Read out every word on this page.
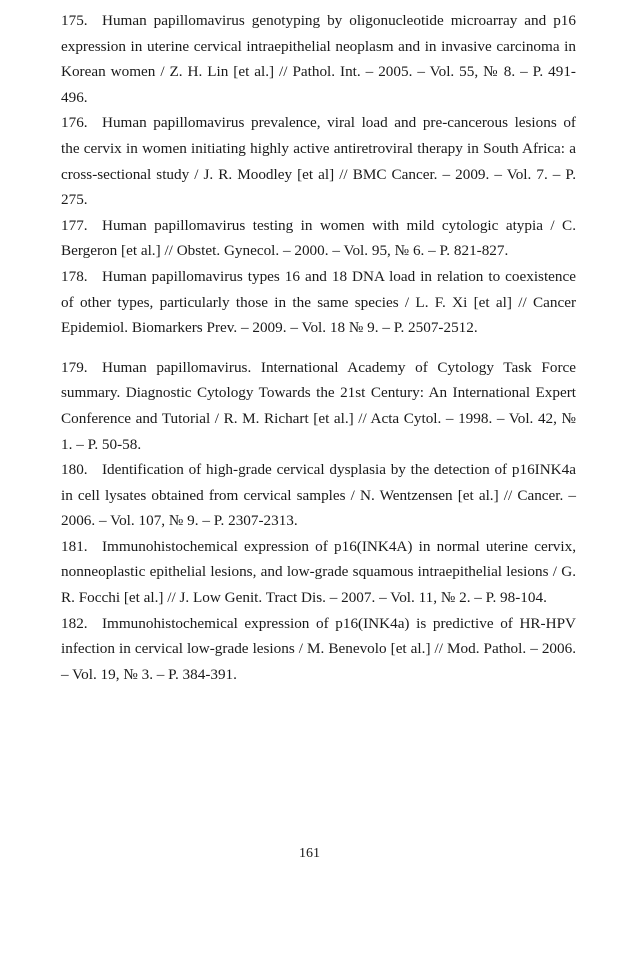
175. Human papillomavirus genotyping by oligonucleotide microarray and p16 expression in uterine cervical intraepithelial neoplasm and in invasive carcinoma in Korean women / Z. H. Lin [et al.] // Pathol. Int. – 2005. – Vol. 55, № 8. – P. 491-496.

176. Human papillomavirus prevalence, viral load and pre-cancerous lesions of the cervix in women initiating highly active antiretroviral therapy in South Africa: a cross-sectional study / J. R. Moodley [et al] // BMC Cancer. – 2009. – Vol. 7. – P. 275.

177. Human papillomavirus testing in women with mild cytologic atypia / C. Bergeron [et al.] // Obstet. Gynecol. – 2000. – Vol. 95, № 6. – P. 821-827.

178. Human papillomavirus types 16 and 18 DNA load in relation to coexistence of other types, particularly those in the same species / L. F. Xi [et al] // Cancer Epidemiol. Biomarkers Prev. – 2009. – Vol. 18 № 9. – P. 2507-2512.

179. Human papillomavirus. International Academy of Cytology Task Force summary. Diagnostic Cytology Towards the 21st Century: An International Expert Conference and Tutorial / R. M. Richart [et al.] // Acta Cytol. – 1998. – Vol. 42, № 1. – P. 50-58.

180. Identification of high-grade cervical dysplasia by the detection of p16INK4a in cell lysates obtained from cervical samples / N. Wentzensen [et al.] // Cancer. – 2006. – Vol. 107, № 9. – P. 2307-2313.

181. Immunohistochemical expression of p16(INK4A) in normal uterine cervix, nonneoplastic epithelial lesions, and low-grade squamous intraepithelial lesions / G. R. Focchi [et al.] // J. Low Genit. Tract Dis. – 2007. – Vol. 11, № 2. – P. 98-104.

182. Immunohistochemical expression of p16(INK4a) is predictive of HR-HPV infection in cervical low-grade lesions / M. Benevolo [et al.] // Mod. Pathol. – 2006. – Vol. 19, № 3. – P. 384-391.

161
